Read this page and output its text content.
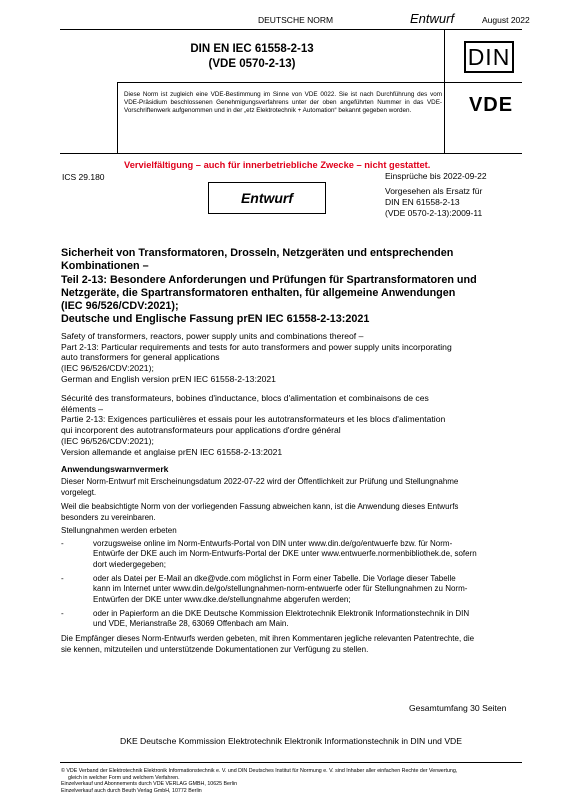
DEUTSCHE NORM	Entwurf	August 2022
DIN EN IEC 61558-2-13
(VDE 0570-2-13)
Diese Norm ist zugleich eine VDE-Bestimmung im Sinne von VDE 0022. Sie ist nach Durchführung des vom VDE-Präsidium beschlossenen Genehmigungsverfahrens unter der oben angeführten Nummer in das VDE-Vorschriftenwerk aufgenommen und in der „etz Elektrotechnik + Automation“ bekannt gegeben worden.
DIN
VDE
Vervielfältigung – auch für innerbetriebliche Zwecke – nicht gestattet.
Einsprüche bis 2022-09-22
ICS 29.180
Entwurf	Vorgesehen als Ersatz für
DIN EN 61558-2-13
(VDE 0570-2-13):2009-11
Sicherheit von Transformatoren, Drosseln, Netzgeräten und entsprechenden
Kombinationen –
Teil 2-13: Besondere Anforderungen und Prüfungen für Spartransformatoren und
Netzgeräte, die Spartransformatoren enthalten, für allgemeine Anwendungen
(IEC 96/526/CDV:2021);
Deutsche und Englische Fassung prEN IEC 61558-2-13:2021
Safety of transformers, reactors, power supply units and combinations thereof –
Part 2-13: Particular requirements and tests for auto transformers and power supply units incorporating
auto transformers for general applications
(IEC 96/526/CDV:2021);
German and English version prEN IEC 61558-2-13:2021
Sécurité des transformateurs, bobines d'inductance, blocs d'alimentation et combinaisons de ces
éléments –
Partie 2-13: Exigences particulières et essais pour les autotransformateurs et les blocs d'alimentation
qui incorporent des autotransformateurs pour applications d'ordre général
(IEC 96/526/CDV:2021);
Version allemande et anglaise prEN IEC 61558-2-13:2021
Anwendungswarnvermerk
Dieser Norm-Entwurf mit Erscheinungsdatum 2022-07-22 wird der Öffentlichkeit zur Prüfung und Stellungnahme
vorgelegt.
Weil die beabsichtigte Norm von der vorliegenden Fassung abweichen kann, ist die Anwendung dieses Entwurfs
besonders zu vereinbaren.
Stellungnahmen werden erbeten
-	vorzugsweise online im Norm-Entwurfs-Portal von DIN unter www.din.de/go/entwuerfe bzw. für Norm-
Entwürfe der DKE auch im Norm-Entwurfs-Portal der DKE unter www.entwuerfe.normenbibliothek.de, sofern
dort wiedergegeben;
-	oder als Datei per E-Mail an dke@vde.com möglichst in Form einer Tabelle. Die Vorlage dieser Tabelle
kann im Internet unter www.din.de/go/stellungnahmen-norm-entwuerfe oder für Stellungnahmen zu Norm-
Entwürfen der DKE unter www.dke.de/stellungnahme abgerufen werden;
-	oder in Papierform an die DKE Deutsche Kommission Elektrotechnik Elektronik Informationstechnik in DIN
und VDE, Merianstraße 28, 63069 Offenbach am Main.
Die Empfänger dieses Norm-Entwurfs werden gebeten, mit ihren Kommentaren jegliche relevanten Patentrechte, die
sie kennen, mitzuteilen und unterstützende Dokumentationen zur Verfügung zu stellen.
Gesamtumfang 30 Seiten
DKE Deutsche Kommission Elektrotechnik Elektronik Informationstechnik in DIN und VDE
© VDE Verband der Elektrotechnik Elektronik Informationstechnik e. V. und DIN Deutsches Institut für Normung e. V. sind Inhaber aller einfachen Rechte der Verwertung,
gleich in welcher Form und welchem Verfahren.
Einzelverkauf und Abonnements durch VDE VERLAG GMBH, 10625 Berlin
Einzelverkauf auch durch Beuth Verlag GmbH, 10772 Berlin
